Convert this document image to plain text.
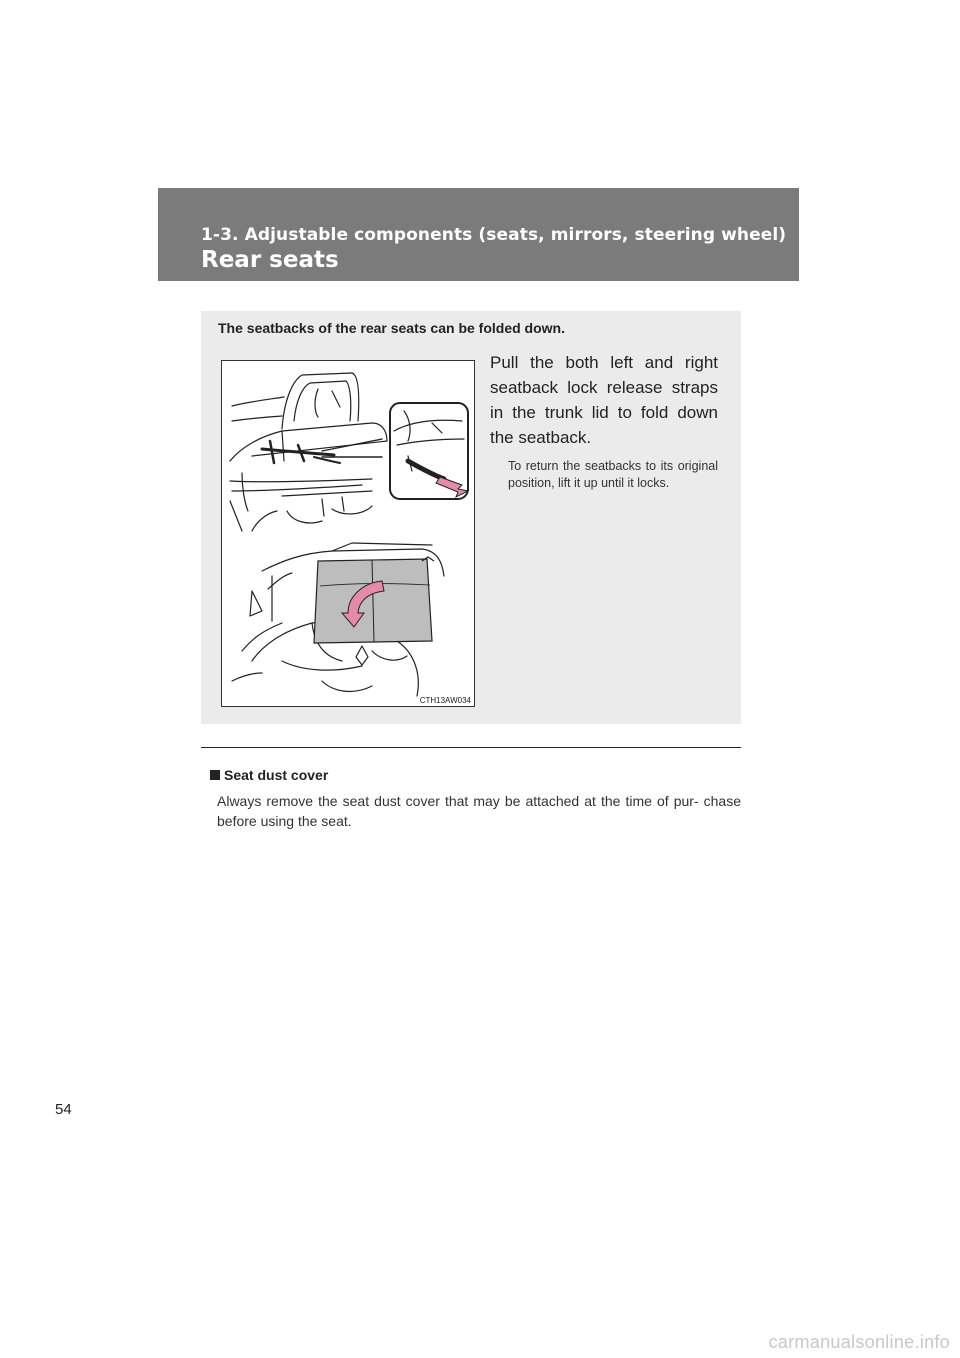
1-3. Adjustable components (seats, mirrors, steering wheel)
Rear seats
The seatbacks of the rear seats can be folded down.
CTH13AW034
Pull the both left and right seatback lock release straps in the trunk lid to fold down the seatback.
To return the seatbacks to its original position, lift it up until it locks.
Seat dust cover
Always remove the seat dust cover that may be attached at the time of pur- chase before using the seat.
54
carmanualsonline.info
